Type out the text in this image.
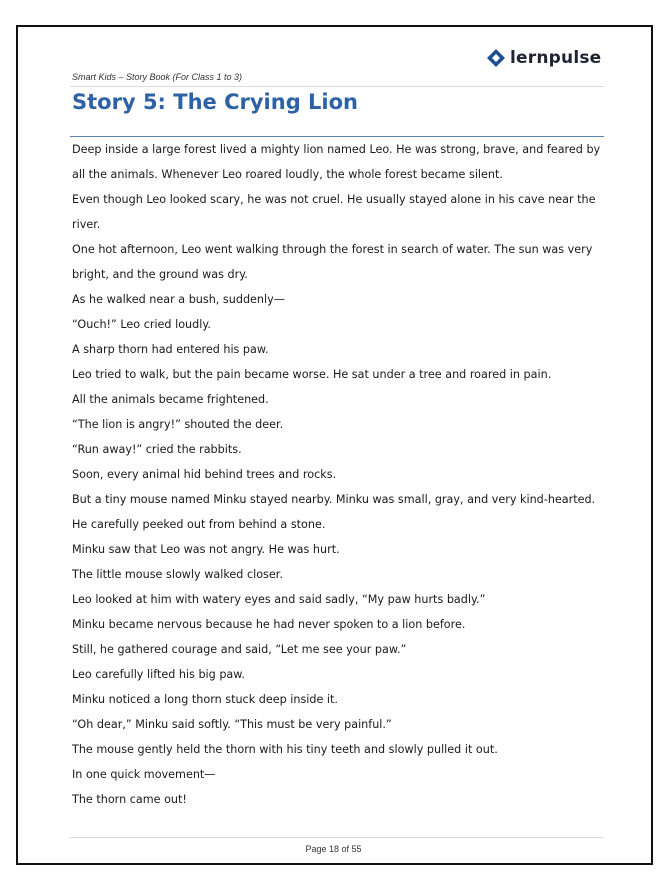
lernpulse
Smart Kids – Story Book (For Class 1 to 3)
Story 5: The Crying Lion

Deep inside a large forest lived a mighty lion named Leo. He was strong, brave, and feared by all the animals. Whenever Leo roared loudly, the whole forest became silent.

Even though Leo looked scary, he was not cruel. He usually stayed alone in his cave near the river.

One hot afternoon, Leo went walking through the forest in search of water. The sun was very bright, and the ground was dry.

As he walked near a bush, suddenly—

“Ouch!” Leo cried loudly.

A sharp thorn had entered his paw.

Leo tried to walk, but the pain became worse. He sat under a tree and roared in pain.

All the animals became frightened.

“The lion is angry!” shouted the deer.

“Run away!” cried the rabbits.

Soon, every animal hid behind trees and rocks.

But a tiny mouse named Minku stayed nearby. Minku was small, gray, and very kind-hearted.

He carefully peeked out from behind a stone.

Minku saw that Leo was not angry. He was hurt.

The little mouse slowly walked closer.

Leo looked at him with watery eyes and said sadly, “My paw hurts badly.”

Minku became nervous because he had never spoken to a lion before.

Still, he gathered courage and said, “Let me see your paw.”

Leo carefully lifted his big paw.

Minku noticed a long thorn stuck deep inside it.

“Oh dear,” Minku said softly. “This must be very painful.”

The mouse gently held the thorn with his tiny teeth and slowly pulled it out.

In one quick movement—

The thorn came out!

Page 18 of 55
